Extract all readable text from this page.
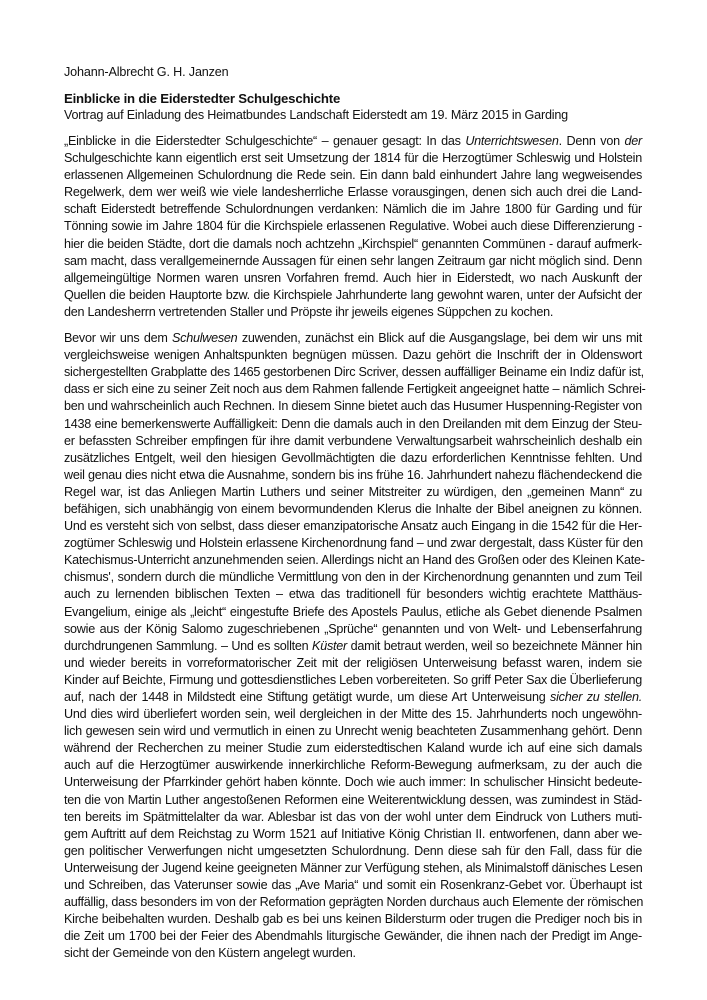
Johann-Albrecht G. H. Janzen

Einblicke in die Eiderstedter Schulgeschichte

Vortrag auf Einladung des Heimatbundes Landschaft Eiderstedt am 19. März 2015 in Garding

„Einblicke in die Eiderstedter Schulgeschichte“ – genauer gesagt: In das Unterrichtswesen. Denn von der
Schulgeschichte kann eigentlich erst seit Umsetzung der 1814 für die Herzogtümer Schleswig und Holstein
erlassenen Allgemeinen Schulordnung die Rede sein. Ein dann bald einhundert Jahre lang wegweisendes
Regelwerk, dem wer weiß wie viele landesherrliche Erlasse vorausgingen, denen sich auch drei die Land-
schaft Eiderstedt betreffende Schulordnungen verdanken: Nämlich die im Jahre 1800 für Garding und für
Tönning sowie im Jahre 1804 für die Kirchspiele erlassenen Regulative. Wobei auch diese Differenzierung -
hier die beiden Städte, dort die damals noch achtzehn „Kirchspiel“ genannten Commünen - darauf aufmerk-
sam macht, dass verallgemeinernde Aussagen für einen sehr langen Zeitraum gar nicht möglich sind. Denn
allgemeingültige Normen waren unsren Vorfahren fremd. Auch hier in Eiderstedt, wo nach Auskunft der
Quellen die beiden Hauptorte bzw. die Kirchspiele Jahrhunderte lang gewohnt waren, unter der Aufsicht der
den Landesherrn vertretenden Staller und Pröpste ihr jeweils eigenes Süppchen zu kochen.
Bevor wir uns dem Schulwesen zuwenden, zunächst ein Blick auf die Ausgangslage, bei dem wir uns mit
vergleichsweise wenigen Anhaltspunkten begnügen müssen. Dazu gehört die Inschrift der in Oldenswort
sichergestellten Grabplatte des 1465 gestorbenen Dirc Scriver, dessen auffälliger Beiname ein Indiz dafür ist,
dass er sich eine zu seiner Zeit noch aus dem Rahmen fallende Fertigkeit angeeignet hatte – nämlich Schrei-
ben und wahrscheinlich auch Rechnen. In diesem Sinne bietet auch das Husumer Huspenning-Register von
1438 eine bemerkenswerte Auffälligkeit: Denn die damals auch in den Dreilanden mit dem Einzug der Steu-
er befassten Schreiber empfingen für ihre damit verbundene Verwaltungsarbeit wahrscheinlich deshalb ein
zusätzliches Entgelt, weil den hiesigen Gevollmächtigten die dazu erforderlichen Kenntnisse fehlten. Und
weil genau dies nicht etwa die Ausnahme, sondern bis ins frühe 16. Jahrhundert nahezu flächendeckend die
Regel war, ist das Anliegen Martin Luthers und seiner Mitstreiter zu würdigen, den „gemeinen Mann“ zu
befähigen, sich unabhängig von einem bevormundenden Klerus die Inhalte der Bibel aneignen zu können.
Und es versteht sich von selbst, dass dieser emanzipatorische Ansatz auch Eingang in die 1542 für die Her-
zogtümer Schleswig und Holstein erlassene Kirchenordnung fand – und zwar dergestalt, dass Küster für den
Katechismus-Unterricht anzunehmenden seien. Allerdings nicht an Hand des Großen oder des Kleinen Kate-
chismus', sondern durch die mündliche Vermittlung von den in der Kirchenordnung genannten und zum Teil
auch zu lernenden biblischen Texten – etwa das traditionell für besonders wichtig erachtete Matthäus-
Evangelium, einige als „leicht“ eingestufte Briefe des Apostels Paulus, etliche als Gebet dienende Psalmen
sowie aus der König Salomo zugeschriebenen „Sprüche“ genannten und von Welt- und Lebenserfahrung
durchdrungenen Sammlung. – Und es sollten Küster damit betraut werden, weil so bezeichnete Männer hin
und wieder bereits in vorreformatorischer Zeit mit der religiösen Unterweisung befasst waren, indem sie
Kinder auf Beichte, Firmung und gottesdienstliches Leben vorbereiteten. So griff Peter Sax die Überlieferung
auf, nach der 1448 in Mildstedt eine Stiftung getätigt wurde, um diese Art Unterweisung sicher zu stellen.
Und dies wird überliefert worden sein, weil dergleichen in der Mitte des 15. Jahrhunderts noch ungewöhn-
lich gewesen sein wird und vermutlich in einen zu Unrecht wenig beachteten Zusammenhang gehört. Denn
während der Recherchen zu meiner Studie zum eiderstedtischen Kaland wurde ich auf eine sich damals
auch auf die Herzogtümer auswirkende innerkirchliche Reform-Bewegung aufmerksam, zu der auch die
Unterweisung der Pfarrkinder gehört haben könnte. Doch wie auch immer: In schulischer Hinsicht bedeute-
ten die von Martin Luther angestoßenen Reformen eine Weiterentwicklung dessen, was zumindest in Städ-
ten bereits im Spätmittelalter da war. Ablesbar ist das von der wohl unter dem Eindruck von Luthers muti-
gem Auftritt auf dem Reichstag zu Worm 1521 auf Initiative König Christian II. entworfenen, dann aber we-
gen politischer Verwerfungen nicht umgesetzten Schulordnung. Denn diese sah für den Fall, dass für die
Unterweisung der Jugend keine geeigneten Männer zur Verfügung stehen, als Minimalstoff dänisches Lesen
und Schreiben, das Vaterunser sowie das „Ave Maria“ und somit ein Rosenkranz-Gebet vor. Überhaupt ist
auffällig, dass besonders im von der Reformation geprägten Norden durchaus auch Elemente der römischen
Kirche beibehalten wurden. Deshalb gab es bei uns keinen Bildersturm oder trugen die Prediger noch bis in
die Zeit um 1700 bei der Feier des Abendmahls liturgische Gewänder, die ihnen nach der Predigt im Ange-
sicht der Gemeinde von den Küstern angelegt wurden.
